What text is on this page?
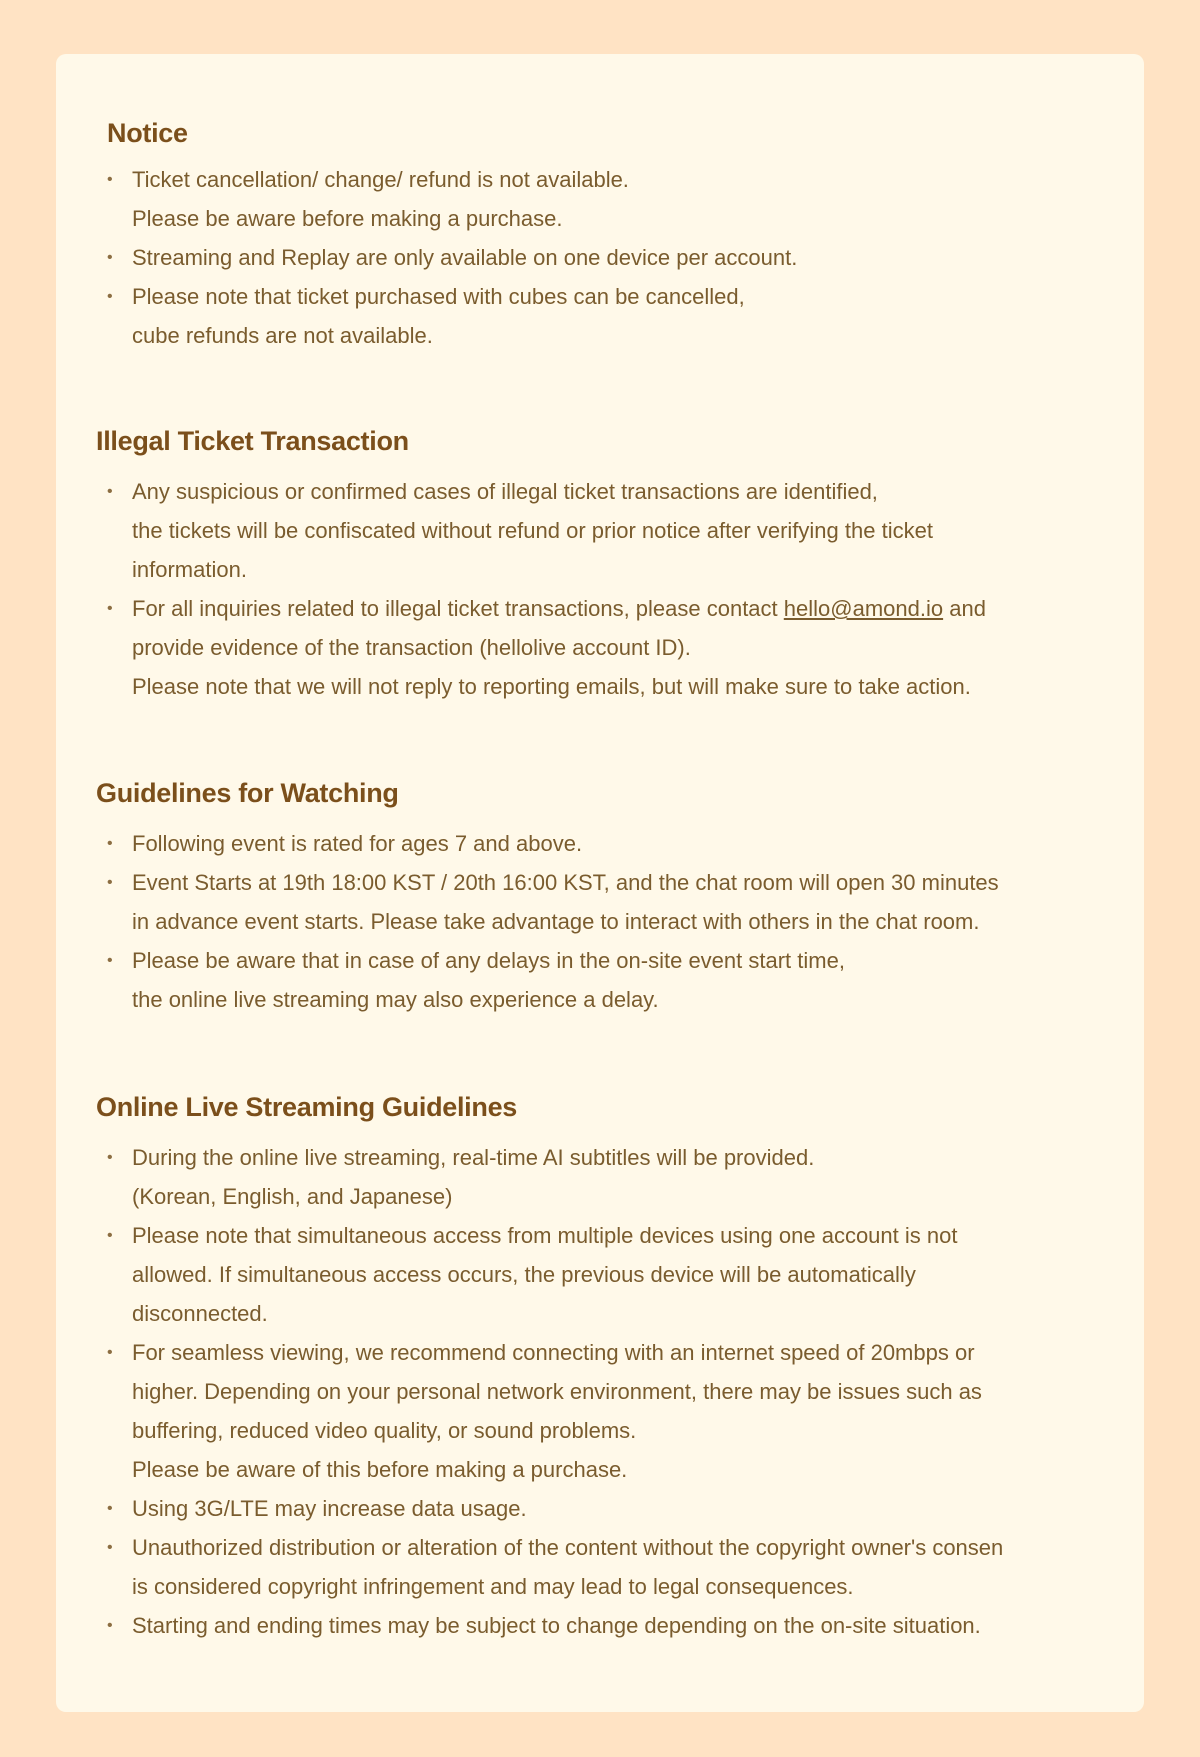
Notice
• Ticket cancellation/ change/ refund is not available.
Please be aware before making a purchase.
• Streaming and Replay are only available on one device per account.
• Please note that ticket purchased with cubes can be cancelled,
cube refunds are not available.
Illegal Ticket Transaction
• Any suspicious or confirmed cases of illegal ticket transactions are identified,
the tickets will be confiscated without refund or prior notice after verifying the ticket
information.
• For all inquiries related to illegal ticket transactions, please contact hello@amond.io and
provide evidence of the transaction (hellolive account ID).
Please note that we will not reply to reporting emails, but will make sure to take action.
Guidelines for Watching
• Following event is rated for ages 7 and above.
• Event Starts at 19th 18:00 KST / 20th 16:00 KST, and the chat room will open 30 minutes
in advance event starts. Please take advantage to interact with others in the chat room.
• Please be aware that in case of any delays in the on-site event start time,
the online live streaming may also experience a delay.
Online Live Streaming Guidelines
• During the online live streaming, real-time AI subtitles will be provided.
(Korean, English, and Japanese)
• Please note that simultaneous access from multiple devices using one account is not
allowed. If simultaneous access occurs, the previous device will be automatically
disconnected.
• For seamless viewing, we recommend connecting with an internet speed of 20mbps or
higher. Depending on your personal network environment, there may be issues such as
buffering, reduced video quality, or sound problems.
Please be aware of this before making a purchase.
• Using 3G/LTE may increase data usage.
• Unauthorized distribution or alteration of the content without the copyright owner's consen
is considered copyright infringement and may lead to legal consequences.
• Starting and ending times may be subject to change depending on the on-site situation.
